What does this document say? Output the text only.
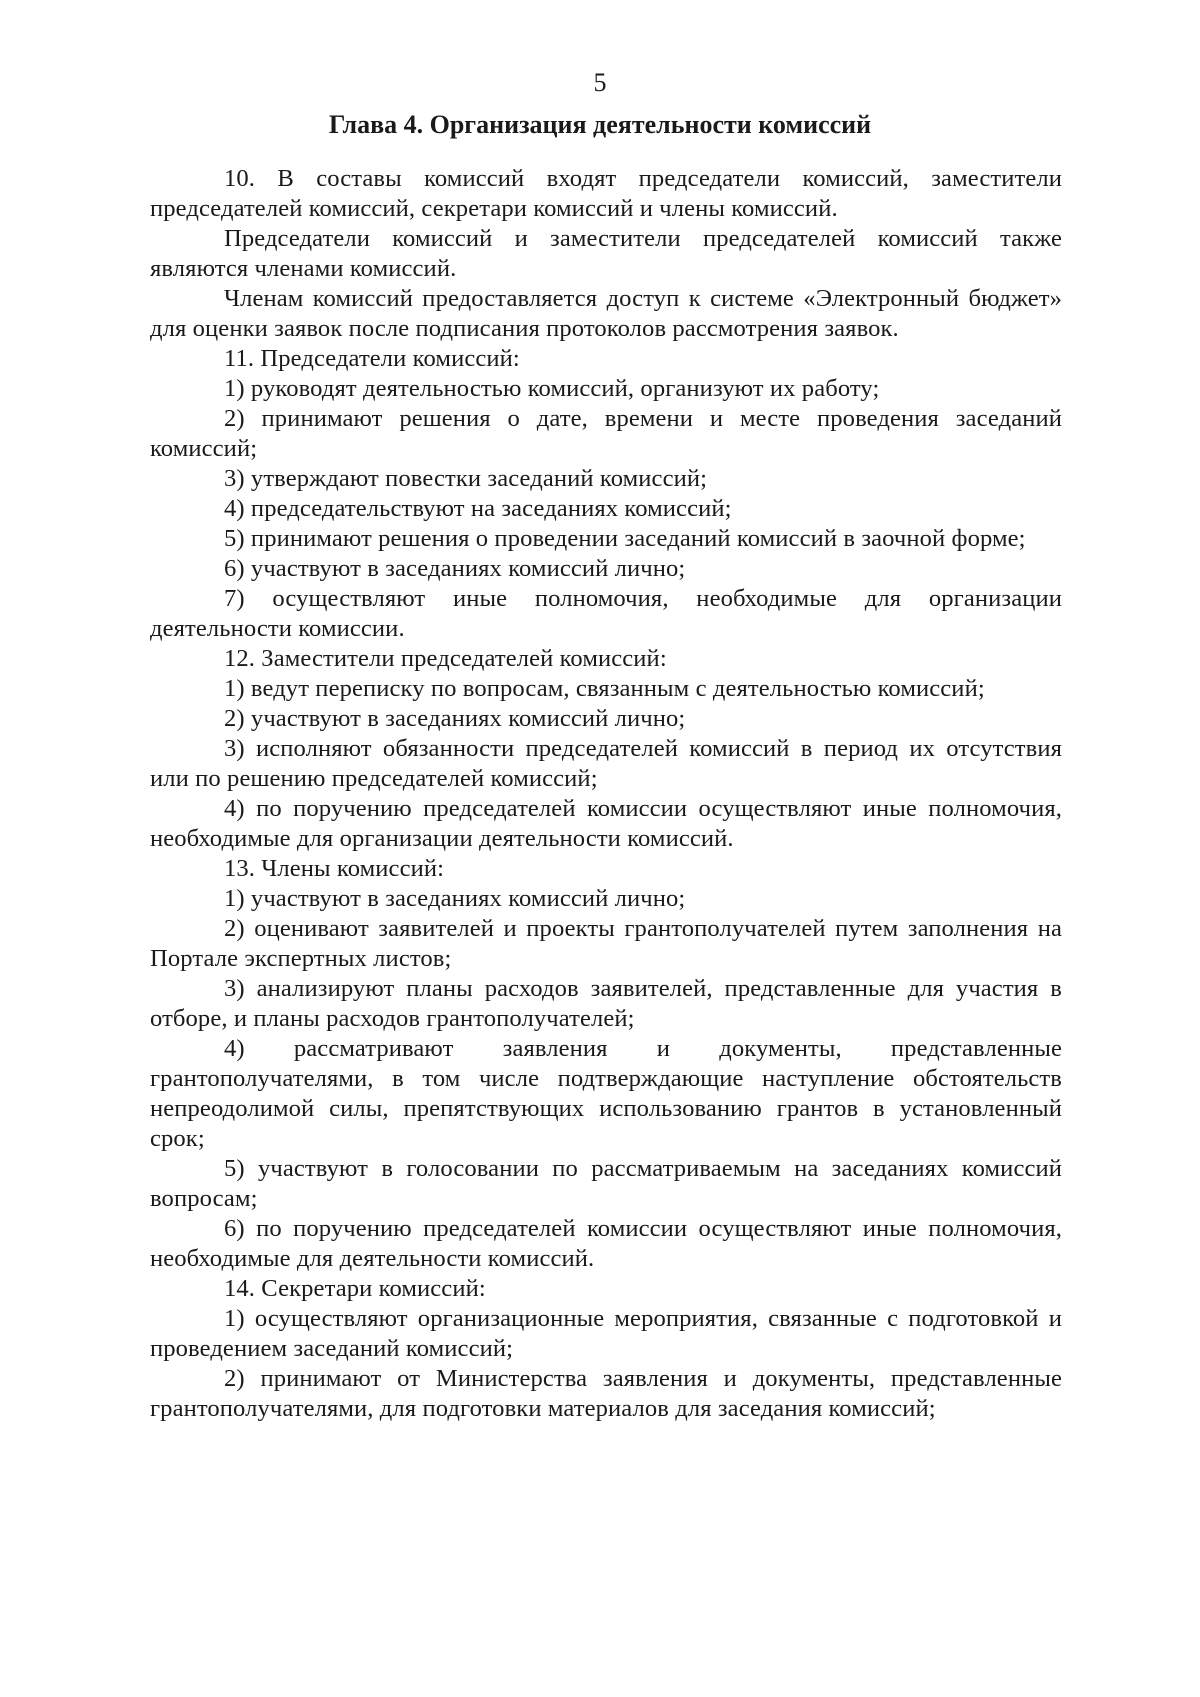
5
Глава 4. Организация деятельности комиссий

10. В составы комиссий входят председатели комиссий, заместители председателей комиссий, секретари комиссий и члены комиссий.

Председатели комиссий и заместители председателей комиссий также являются членами комиссий.

Членам комиссий предоставляется доступ к системе «Электронный бюджет» для оценки заявок после подписания протоколов рассмотрения заявок.

11. Председатели комиссий:

1) руководят деятельностью комиссий, организуют их работу;

2) принимают решения о дате, времени и месте проведения заседаний комиссий;

3) утверждают повестки заседаний комиссий;

4) председательствуют на заседаниях комиссий;

5) принимают решения о проведении заседаний комиссий в заочной форме;

6) участвуют в заседаниях комиссий лично;

7) осуществляют иные полномочия, необходимые для организации деятельности комиссии.

12. Заместители председателей комиссий:

1) ведут переписку по вопросам, связанным с деятельностью комиссий;

2) участвуют в заседаниях комиссий лично;

3) исполняют обязанности председателей комиссий в период их отсутствия или по решению председателей комиссий;

4) по поручению председателей комиссии осуществляют иные полномочия, необходимые для организации деятельности комиссий.

13. Члены комиссий:

1) участвуют в заседаниях комиссий лично;

2) оценивают заявителей и проекты грантополучателей путем заполнения на Портале экспертных листов;

3) анализируют планы расходов заявителей, представленные для участия в отборе, и планы расходов грантополучателей;

4) рассматривают заявления и документы, представленные грантополучателями, в том числе подтверждающие наступление обстоятельств непреодолимой силы, препятствующих использованию грантов в установленный срок;

5) участвуют в голосовании по рассматриваемым на заседаниях комиссий вопросам;

6) по поручению председателей комиссии осуществляют иные полномочия, необходимые для деятельности комиссий.

14. Секретари комиссий:

1) осуществляют организационные мероприятия, связанные с подготовкой и проведением заседаний комиссий;

2) принимают от Министерства заявления и документы, представленные грантополучателями, для подготовки материалов для заседания комиссий;
